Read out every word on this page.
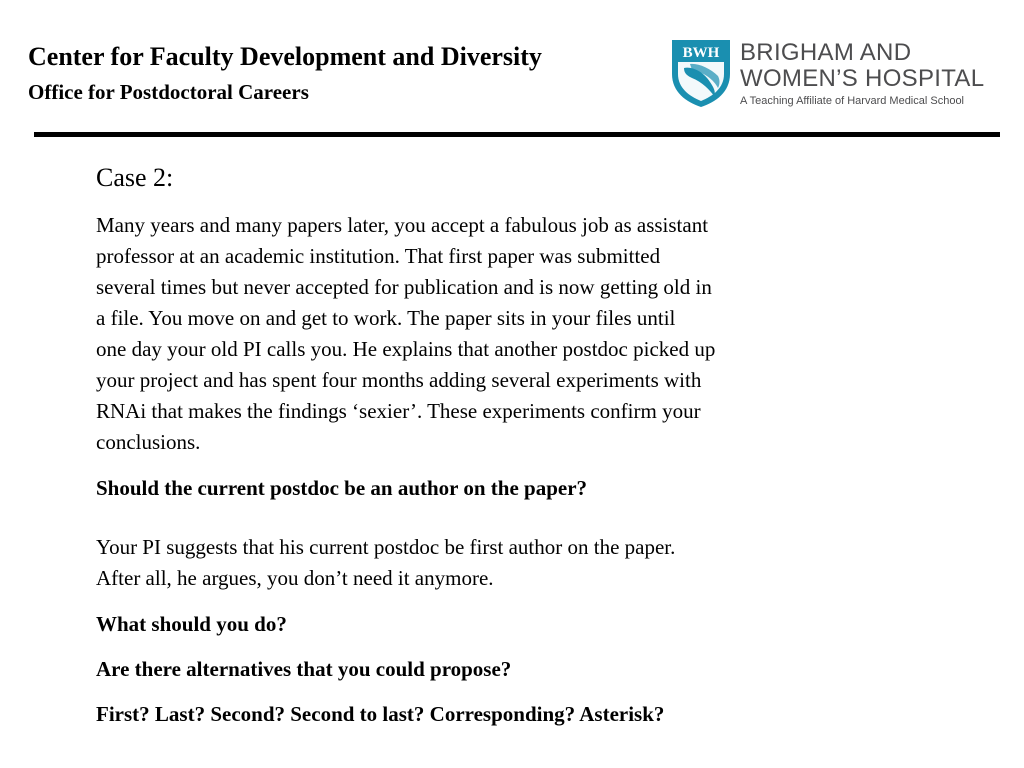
Center for Faculty Development and Diversity
Office for Postdoctoral Careers
BWH BRIGHAM AND
WOMEN’S HOSPITAL
A Teaching Affiliate of Harvard Medical School
Case 2:
Many years and many papers later, you accept a fabulous job as assistant
professor at an academic institution. That first paper was submitted
several times but never accepted for publication and is now getting old in
a file. You move on and get to work. The paper sits in your files until
one day your old PI calls you. He explains that another postdoc picked up
your project and has spent four months adding several experiments with
RNAi that makes the findings ‘sexier’. These experiments confirm your
conclusions.
Should the current postdoc be an author on the paper?
Your PI suggests that his current postdoc be first author on the paper.
After all, he argues, you don’t need it anymore.
What should you do?
Are there alternatives that you could propose?
First? Last? Second? Second to last? Corresponding? Asterisk?
